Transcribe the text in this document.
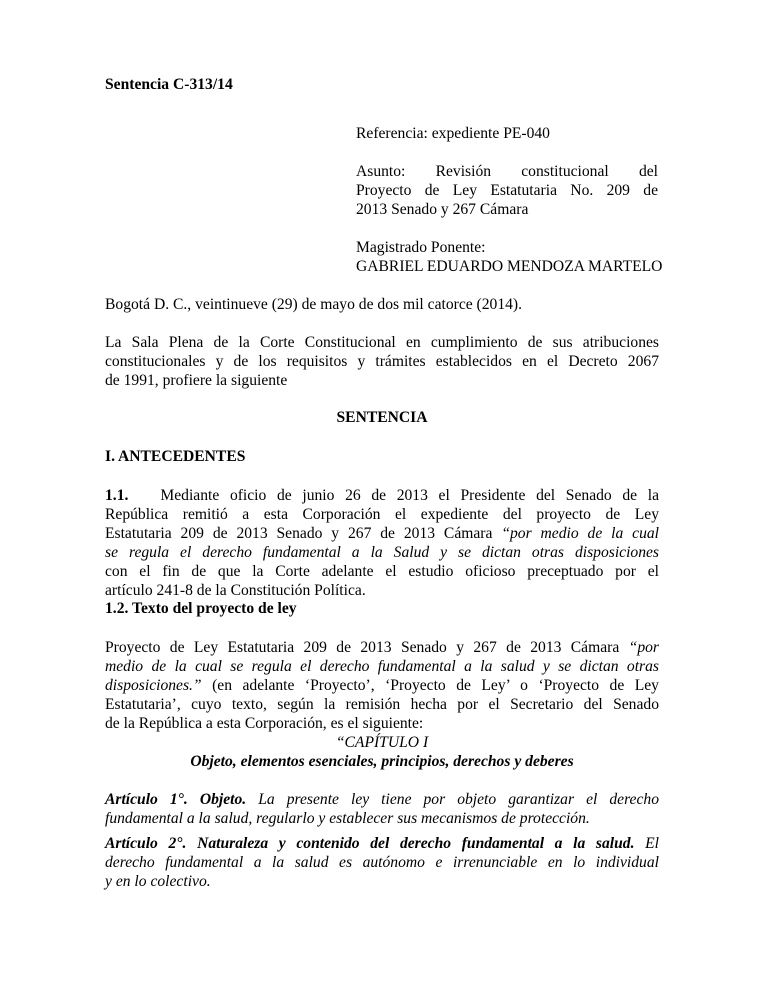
Sentencia C-313/14
Referencia: expediente PE-040

Asunto: Revisión constitucional del

Proyecto de Ley Estatutaria No. 209 de

2013 Senado y 267 Cámara

Magistrado Ponente:

GABRIEL EDUARDO MENDOZA MARTELO

Bogotá D. C., veintinueve (29) de mayo de dos mil catorce (2014).

La Sala Plena de la Corte Constitucional en cumplimiento de sus atribuciones

constitucionales y de los requisitos y trámites establecidos en el Decreto 2067

de 1991, profiere la siguiente

SENTENCIA
I. ANTECEDENTES

1.1. Mediante oficio de junio 26 de 2013 el Presidente del Senado de la

República remitió a esta Corporación el expediente del proyecto de Ley

Estatutaria 209 de 2013 Senado y 267 de 2013 Cámara “por medio de la cual

se regula el derecho fundamental a la Salud y se dictan otras disposiciones

con el fin de que la Corte adelante el estudio oficioso preceptuado por el

artículo 241-8 de la Constitución Política.

1.2. Texto del proyecto de ley

Proyecto de Ley Estatutaria 209 de 2013 Senado y 267 de 2013 Cámara “por

medio de la cual se regula el derecho fundamental a la salud y se dictan otras

disposiciones.” (en adelante ‘Proyecto’, ‘Proyecto de Ley’ o ‘Proyecto de Ley

Estatutaria’, cuyo texto, según la remisión hecha por el Secretario del Senado

de la República a esta Corporación, es el siguiente:

“CAPÍTULO I
Objeto, elementos esenciales, principios, derechos y deberes

Artículo 1°. Objeto. La presente ley tiene por objeto garantizar el derecho

fundamental a la salud, regularlo y establecer sus mecanismos de protección.

Artículo 2°. Naturaleza y contenido del derecho fundamental a la salud. El

derecho fundamental a la salud es autónomo e irrenunciable en lo individual

y en lo colectivo.
